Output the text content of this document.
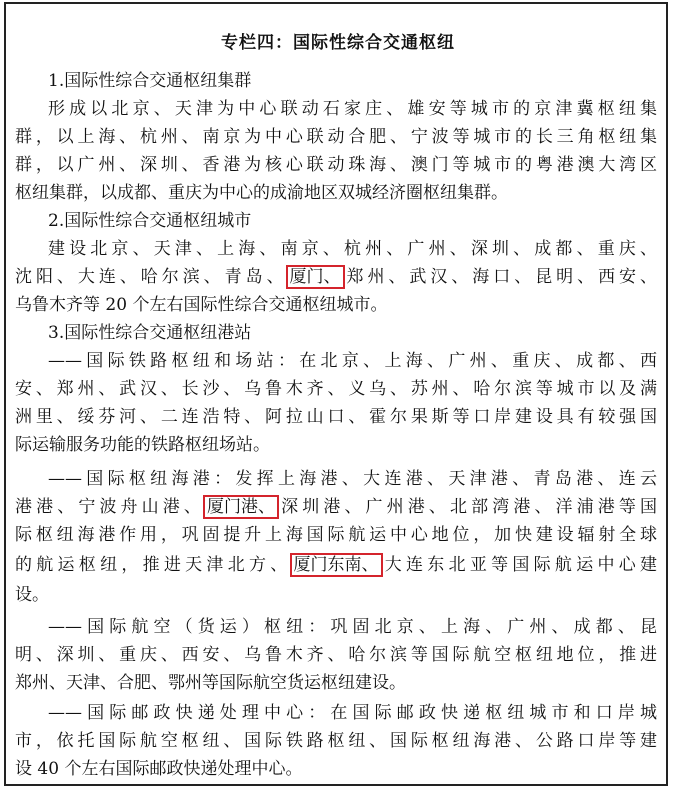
专栏四：国际性综合交通枢纽
1.国际性综合交通枢纽集群
形成以北京、天津为中心联动石家庄、雄安等城市的京津冀枢纽集
群，以上海、杭州、南京为中心联动合肥、宁波等城市的长三角枢纽集
群，以广州、深圳、香港为核心联动珠海、澳门等城市的粤港澳大湾区
枢纽集群，以成都、重庆为中心的成渝地区双城经济圈枢纽集群。
2.国际性综合交通枢纽城市
建设北京、天津、上海、南京、杭州、广州、深圳、成都、重庆、
沈阳、大连、哈尔滨、青岛、 厦门、 郑州、武汉、海口、昆明、西安、
乌鲁木齐等 20 个左右国际性综合交通枢纽城市。
3.国际性综合交通枢纽港站
——国际铁路枢纽和场站：在北京、上海、广州、重庆、成都、西
安、郑州、武汉、长沙、乌鲁木齐、义乌、苏州、哈尔滨等城市以及满
洲里、绥芬河、二连浩特、阿拉山口、霍尔果斯等口岸建设具有较强国
际运输服务功能的铁路枢纽场站。
——国际枢纽海港：发挥上海港、大连港、天津港、青岛港、连云
港港、宁波舟山港、 厦门港、 深圳港、广州港、北部湾港、洋浦港等国
际枢纽海港作用，巩固提升上海国际航运中心地位，加快建设辐射全球
的航运枢纽，推进天津北方、 厦门东南、 大连东北亚等国际航运中心建
设。
——国际航空（货运）枢纽：巩固北京、上海、广州、成都、昆
明、深圳、重庆、西安、乌鲁木齐、哈尔滨等国际航空枢纽地位，推进
郑州、天津、合肥、鄂州等国际航空货运枢纽建设。
——国际邮政快递处理中心：在国际邮政快递枢纽城市和口岸城
市，依托国际航空枢纽、国际铁路枢纽、国际枢纽海港、公路口岸等建
设 40 个左右国际邮政快递处理中心。
